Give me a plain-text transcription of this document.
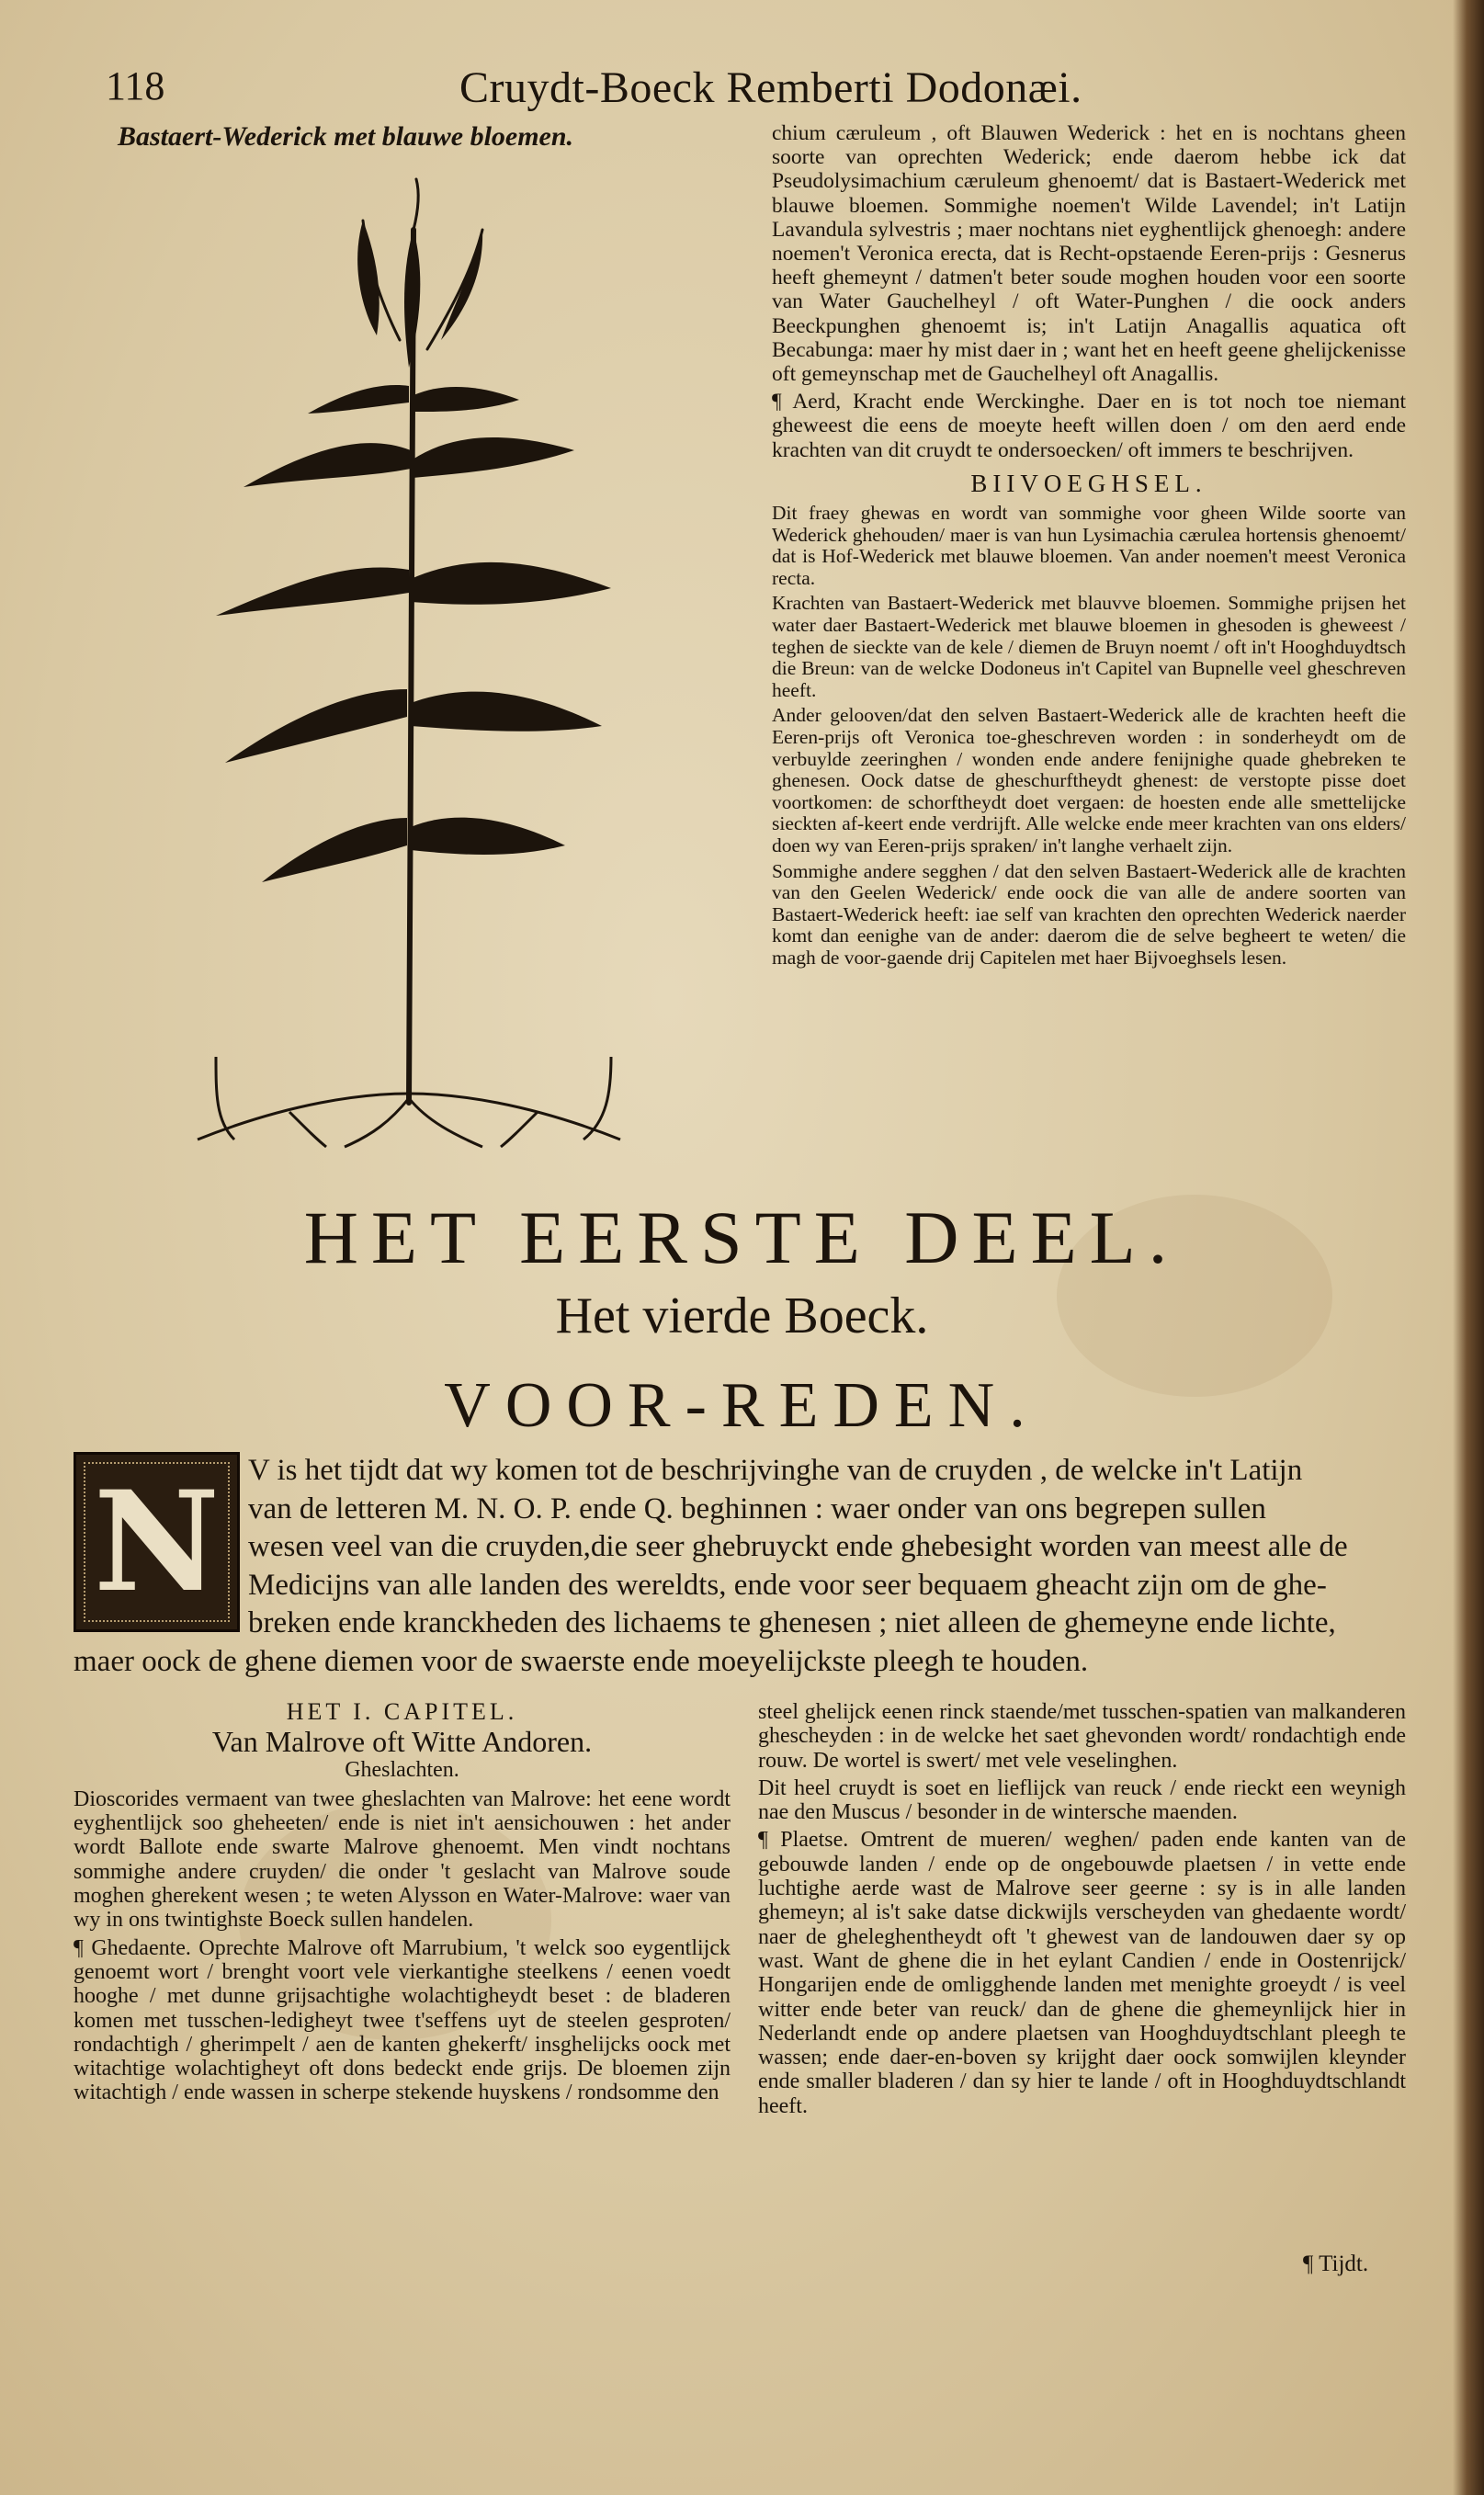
118	Cruydt-Boeck Remberti Dodonæi.
Bastaert-Wederick met blauwe bloemen.	chium cæruleum , oft Blauwen Wederick : het en is nochtans gheen soorte van oprechten Wederick; ende daerom hebbe ick dat Pseudolysimachium cæruleum ghenoemt/ dat is Bastaert-Wederick met blauwe bloemen. Sommighe noemen't Wilde Lavendel; in't Latijn Lavandula sylvestris ; maer nochtans niet eyghentlijck ghenoegh: andere noemen't Veronica erecta, dat is Recht-opstaende Eeren-prijs : Gesnerus heeft ghemeynt / datmen't beter soude moghen houden voor een soorte van Water Gauchelheyl / oft Water-Punghen / die oock anders Beeckpunghen ghenoemt is; in't Latijn Anagallis aquatica oft Becabunga: maer hy mist daer in ; want het en heeft geene ghelijckenisse oft gemeynschap met de Gauchelheyl oft Anagallis.

¶ Aerd, Kracht ende Werckinghe. Daer en is tot noch toe niemant gheweest die eens de moeyte heeft willen doen / om den aerd ende krachten van dit cruydt te ondersoecken/ oft immers te beschrijven.

BIIVOEGHSEL.

Dit fraey ghewas en wordt van sommighe voor gheen Wilde soorte van Wederick ghehouden/ maer is van hun Lysimachia cærulea hortensis ghenoemt/ dat is Hof-Wederick met blauwe bloemen. Van ander noemen't meest Veronica recta.

Krachten van Bastaert-Wederick met blauvve bloemen. Sommighe prijsen het water daer Bastaert-Wederick met blauwe bloemen in ghesoden is gheweest / teghen de sieckte van de kele / diemen de Bruyn noemt / oft in't Hooghduydtsch die Breun: van de welcke Dodoneus in't Capitel van Bupnelle veel gheschreven heeft.

Ander gelooven/dat den selven Bastaert-Wederick alle de krachten heeft die Eeren-prijs oft Veronica toe-gheschreven worden : in sonderheydt om de verbuylde zeeringhen / wonden ende andere fenijnighe quade ghebreken te ghenesen. Oock datse de gheschurftheydt ghenest: de verstopte pisse doet voortkomen: de schorftheydt doet vergaen: de hoesten ende alle smettelijcke sieckten af-keert ende verdrijft. Alle welcke ende meer krachten van ons elders/ doen wy van Eeren-prijs spraken/ in't langhe verhaelt zijn.

Sommighe andere segghen / dat den selven Bastaert-Wederick alle de krachten van den Geelen Wederick/ ende oock die van alle de andere soorten van Bastaert-Wederick heeft: iae self van krachten den oprechten Wederick naerder komt dan eenighe van de ander: daerom die de selve begheert te weten/ die magh de voor-gaende drij Capitelen met haer Bijvoeghsels lesen.

HET EERSTE DEEL.
Het vierde Boeck.
VOOR-REDEN.
V is het tijdt dat wy komen tot de beschrijvinghe van de cruyden , de welcke in't Latijn
van de letteren M. N. O. P. ende Q. beghinnen : waer onder van ons begrepen sullen
wesen veel van die cruyden,die seer ghebruyckt ende ghebesight worden van meest alle de
Medicijns van alle landen des wereldts, ende voor seer bequaem gheacht zijn om de ghe-
breken ende kranckheden des lichaems te ghenesen ; niet alleen de ghemeyne ende lichte,
maer oock de ghene diemen voor de swaerste ende moeyelijckste pleegh te houden.
N
HET I. CAPITEL.
Van Malrove oft Witte Andoren.
Gheslachten.

Dioscorides vermaent van twee gheslachten van Malrove: het eene wordt eyghentlijck soo gheheeten/ ende is niet in't aensichouwen : het ander wordt Ballote ende swarte Malrove ghenoemt. Men vindt nochtans sommighe andere cruyden/ die onder 't geslacht van Malrove soude moghen gherekent wesen ; te weten Alysson en Water-Malrove: waer van wy in ons twintighste Boeck sullen handelen.

¶ Ghedaente. Oprechte Malrove oft Marrubium, 't welck soo eygentlijck genoemt wort / brenght voort vele vierkantighe steelkens / eenen voedt hooghe / met dunne grijsachtighe wolachtigheydt beset : de bladeren komen met tusschen-ledigheyt twee t'seffens uyt de steelen gesproten/ rondachtigh / gherimpelt / aen de kanten ghekerft/ insghelijcks oock met witachtige wolachtigheyt oft dons bedeckt ende grijs. De bloemen zijn witachtigh / ende wassen in scherpe stekende huyskens / rondsomme den

steel ghelijck eenen rinck staende/met tusschen-spatien van malkanderen ghescheyden : in de welcke het saet ghevonden wordt/ rondachtigh ende rouw. De wortel is swert/ met vele veselinghen.

Dit heel cruydt is soet en lieflijck van reuck / ende rieckt een weynigh nae den Muscus / besonder in de wintersche maenden.

¶ Plaetse. Omtrent de mueren/ weghen/ paden ende kanten van de gebouwde landen / ende op de ongebouwde plaetsen / in vette ende luchtighe aerde wast de Malrove seer geerne : sy is in alle landen ghemeyn; al is't sake datse dickwijls verscheyden van ghedaente wordt/ naer de gheleghentheydt oft 't ghewest van de landouwen daer sy op wast. Want de ghene die in het eylant Candien / ende in Oostenrijck/ Hongarijen ende de omligghende landen met menighte groeydt / is veel witter ende beter van reuck/ dan de ghene die ghemeynlijck hier in Nederlandt ende op andere plaetsen van Hooghduydtschlant pleegh te wassen; ende daer-en-boven sy krijght daer oock somwijlen kleynder ende smaller bladeren / dan sy hier te lande / oft in Hooghduydtschlandt heeft.

¶ Tijdt.
